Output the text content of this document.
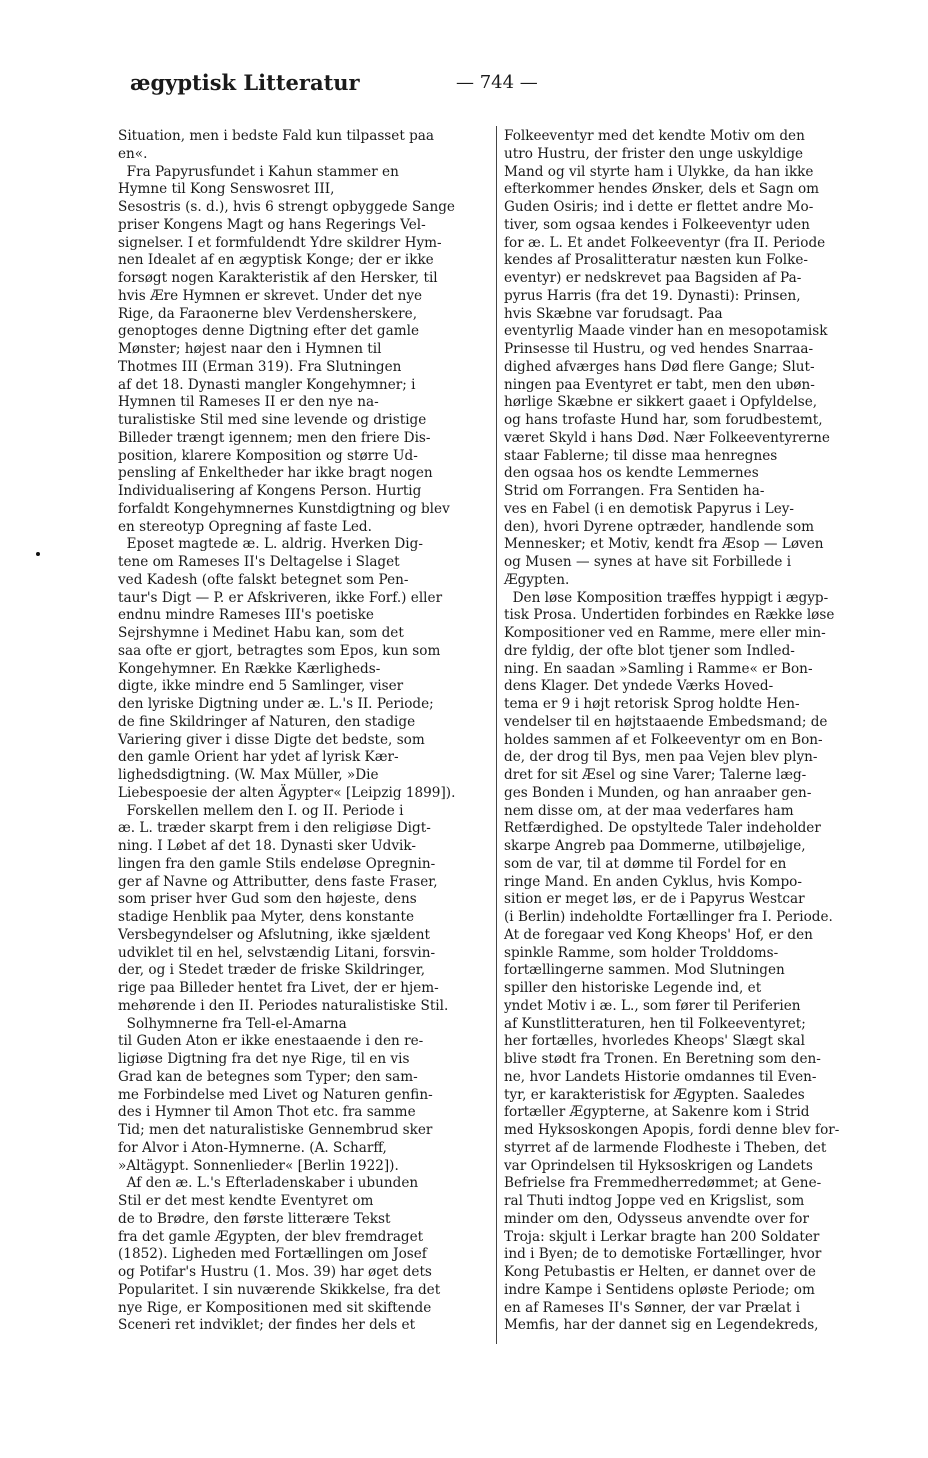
ægyptisk Litteratur	— 744 —
Situation, men i bedste Fald kun tilpasset paa
en«.
Fra Papyrusfundet i Kahun stammer en
Hymne til Kong Senswosret III,
Sesostris (s. d.), hvis 6 strengt opbyggede Sange
priser Kongens Magt og hans Regerings Vel-
signelser. I et formfuldendt Ydre skildrer Hym-
nen Idealet af en ægyptisk Konge; der er ikke
forsøgt nogen Karakteristik af den Hersker, til
hvis Ære Hymnen er skrevet. Under det nye
Rige, da Faraonerne blev Verdensherskere,
genoptoges denne Digtning efter det gamle
Mønster; højest naar den i Hymnen til
Thotmes III (Erman 319). Fra Slutningen
af det 18. Dynasti mangler Kongehymner; i
Hymnen til Rameses II er den nye na-
turalistiske Stil med sine levende og dristige
Billeder trængt igennem; men den friere Dis-
position, klarere Komposition og større Ud-
pensling af Enkeltheder har ikke bragt nogen
Individualisering af Kongens Person. Hurtig
forfaldt Kongehymnernes Kunstdigtning og blev
en stereotyp Opregning af faste Led.
Eposet magtede æ. L. aldrig. Hverken Dig-
tene om Rameses II's Deltagelse i Slaget
ved Kadesh (ofte falskt betegnet som Pen-
taur's Digt — P. er Afskriveren, ikke Forf.) eller
endnu mindre Rameses III's poetiske
Sejrshymne i Medinet Habu kan, som det
saa ofte er gjort, betragtes som Epos, kun som
Kongehymner. En Række Kærligheds-
digte, ikke mindre end 5 Samlinger, viser
den lyriske Digtning under æ. L.'s II. Periode;
de fine Skildringer af Naturen, den stadige
Variering giver i disse Digte det bedste, som
den gamle Orient har ydet af lyrisk Kær-
lighedsdigtning. (W. Max Müller, »Die
Liebespoesie der alten Ägypter« [Leipzig 1899]).
Forskellen mellem den I. og II. Periode i
æ. L. træder skarpt frem i den religiøse Digt-
ning. I Løbet af det 18. Dynasti sker Udvik-
lingen fra den gamle Stils endeløse Opregnin-
ger af Navne og Attributter, dens faste Fraser,
som priser hver Gud som den højeste, dens
stadige Henblik paa Myter, dens konstante
Versbegyndelser og Afslutning, ikke sjældent
udviklet til en hel, selvstændig Litani, forsvin-
der, og i Stedet træder de friske Skildringer,
rige paa Billeder hentet fra Livet, der er hjem-
mehørende i den II. Periodes naturalistiske Stil.
Solhymnerne fra Tell-el-Amarna
til Guden Aton er ikke enestaaende i den re-
ligiøse Digtning fra det nye Rige, til en vis
Grad kan de betegnes som Typer; den sam-
me Forbindelse med Livet og Naturen genfin-
des i Hymner til Amon Thot etc. fra samme
Tid; men det naturalistiske Gennembrud sker
for Alvor i Aton-Hymnerne. (A. Scharff,
»Altägypt. Sonnenlieder« [Berlin 1922]).
Af den æ. L.'s Efterladenskaber i ubunden
Stil er det mest kendte Eventyret om
de to Brødre, den første litterære Tekst
fra det gamle Ægypten, der blev fremdraget
(1852). Ligheden med Fortællingen om Josef
og Potifar's Hustru (1. Mos. 39) har øget dets
Popularitet. I sin nuværende Skikkelse, fra det
nye Rige, er Kompositionen med sit skiftende
Sceneri ret indviklet; der findes her dels et
Folkeeventyr med det kendte Motiv om den
utro Hustru, der frister den unge uskyldige
Mand og vil styrte ham i Ulykke, da han ikke
efterkommer hendes Ønsker, dels et Sagn om
Guden Osiris; ind i dette er flettet andre Mo-
tiver, som ogsaa kendes i Folkeeventyr uden
for æ. L. Et andet Folkeeventyr (fra II. Periode
kendes af Prosalitteratur næsten kun Folke-
eventyr) er nedskrevet paa Bagsiden af Pa-
pyrus Harris (fra det 19. Dynasti): Prinsen,
hvis Skæbne var forudsagt. Paa
eventyrlig Maade vinder han en mesopotamisk
Prinsesse til Hustru, og ved hendes Snarraa-
dighed afværges hans Død flere Gange; Slut-
ningen paa Eventyret er tabt, men den ubøn-
hørlige Skæbne er sikkert gaaet i Opfyldelse,
og hans trofaste Hund har, som forudbestemt,
været Skyld i hans Død. Nær Folkeeventyrerne
staar Fablerne; til disse maa henregnes
den ogsaa hos os kendte Lemmernes
Strid om Forrangen. Fra Sentiden ha-
ves en Fabel (i en demotisk Papyrus i Ley-
den), hvori Dyrene optræder, handlende som
Mennesker; et Motiv, kendt fra Æsop — Løven
og Musen — synes at have sit Forbillede i
Ægypten.
Den løse Komposition træffes hyppigt i ægyp-
tisk Prosa. Undertiden forbindes en Række løse
Kompositioner ved en Ramme, mere eller min-
dre fyldig, der ofte blot tjener som Indled-
ning. En saadan »Samling i Ramme« er Bon-
dens Klager. Det yndede Værks Hoved-
tema er 9 i højt retorisk Sprog holdte Hen-
vendelser til en højtstaaende Embedsmand; de
holdes sammen af et Folkeeventyr om en Bon-
de, der drog til Bys, men paa Vejen blev plyn-
dret for sit Æsel og sine Varer; Talerne læg-
ges Bonden i Munden, og han anraaber gen-
nem disse om, at der maa vederfares ham
Retfærdighed. De opstyltede Taler indeholder
skarpe Angreb paa Dommerne, utilbøjelige,
som de var, til at dømme til Fordel for en
ringe Mand. En anden Cyklus, hvis Kompo-
sition er meget løs, er de i Papyrus Westcar
(i Berlin) indeholdte Fortællinger fra I. Periode.
At de foregaar ved Kong Kheops' Hof, er den
spinkle Ramme, som holder Trolddoms-
fortællingerne sammen. Mod Slutningen
spiller den historiske Legende ind, et
yndet Motiv i æ. L., som fører til Periferien
af Kunstlitteraturen, hen til Folkeeventyret;
her fortælles, hvorledes Kheops' Slægt skal
blive stødt fra Tronen. En Beretning som den-
ne, hvor Landets Historie omdannes til Even-
tyr, er karakteristisk for Ægypten. Saaledes
fortæller Ægypterne, at Sakenre kom i Strid
med Hyksoskongen Apopis, fordi denne blev for-
styrret af de larmende Flodheste i Theben, det
var Oprindelsen til Hyksoskrigen og Landets
Befrielse fra Fremmedherredømmet; at Gene-
ral Thuti indtog Joppe ved en Krigslist, som
minder om den, Odysseus anvendte over for
Troja: skjult i Lerkar bragte han 200 Soldater
ind i Byen; de to demotiske Fortællinger, hvor
Kong Petubastis er Helten, er dannet over de
indre Kampe i Sentidens opløste Periode; om
en af Rameses II's Sønner, der var Prælat i
Memfis, har der dannet sig en Legendekreds,
